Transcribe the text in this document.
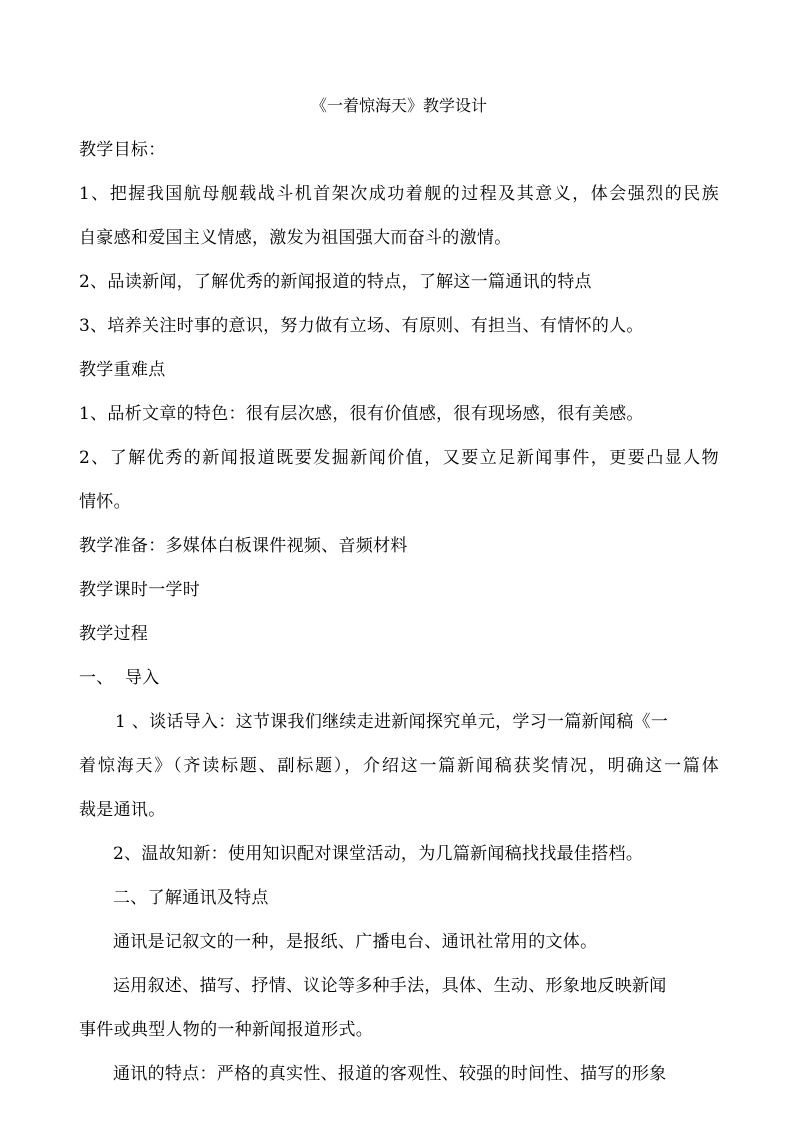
《一着惊海天》教学设计
教学目标：
1、把握我国航母舰载战斗机首架次成功着舰的过程及其意义，体会强烈的民族
自豪感和爱国主义情感，激发为祖国强大而奋斗的激情。
2、品读新闻，了解优秀的新闻报道的特点，了解这一篇通讯的特点
3、培养关注时事的意识，努力做有立场、有原则、有担当、有情怀的人。
教学重难点
1、品析文章的特色：很有层次感，很有价值感，很有现场感，很有美感。
2、了解优秀的新闻报道既要发掘新闻价值，又要立足新闻事件，更要凸显人物
情怀。
教学准备：多媒体白板课件视频、音频材料
教学课时一学时
教学过程
一、  导入
1 、谈话导入：这节课我们继续走进新闻探究单元，学习一篇新闻稿《一
着惊海天》（齐读标题、副标题），介绍这一篇新闻稿获奖情况，明确这一篇体
裁是通讯。
2、温故知新：使用知识配对课堂活动，为几篇新闻稿找找最佳搭档。
二、了解通讯及特点
通讯是记叙文的一种，是报纸、广播电台、通讯社常用的文体。
运用叙述、描写、抒情、议论等多种手法，具体、生动、形象地反映新闻
事件或典型人物的一种新闻报道形式。
通讯的特点：严格的真实性、报道的客观性、较强的时间性、描写的形象
